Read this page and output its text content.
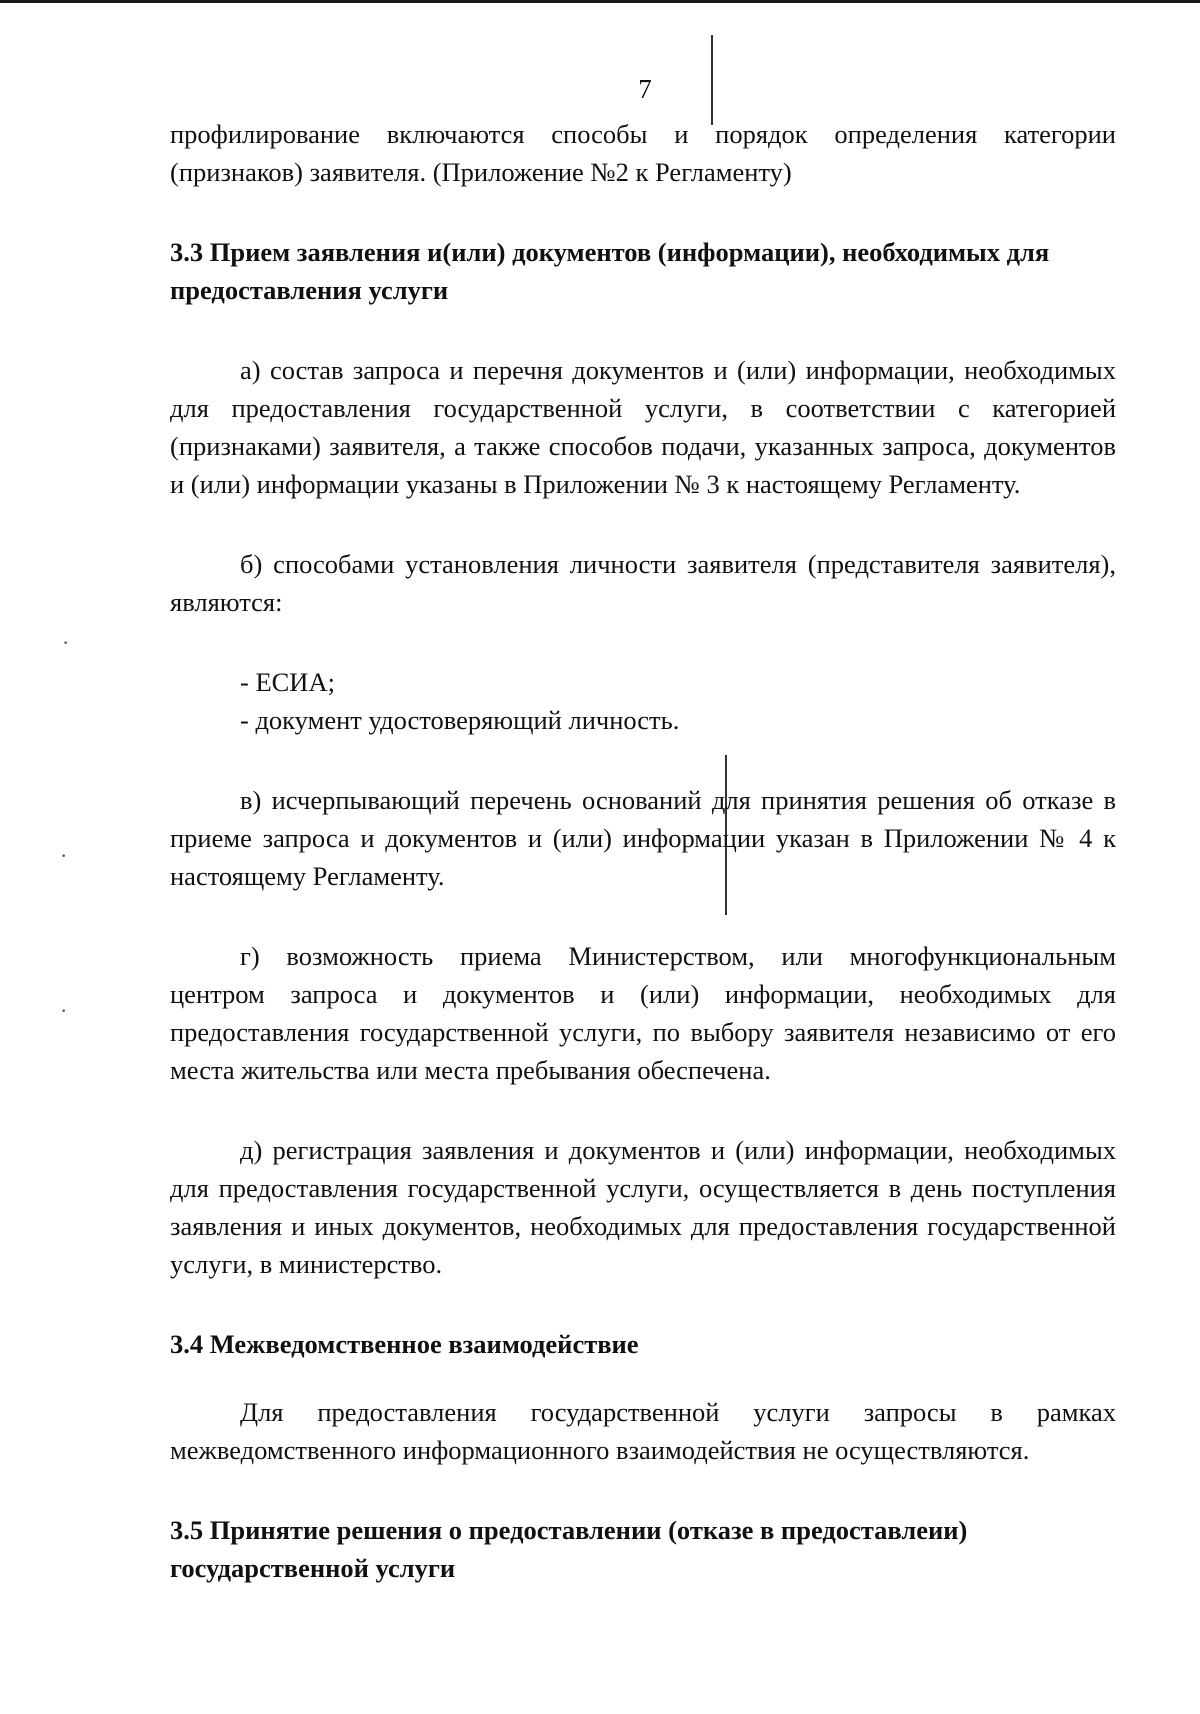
·
·
·
7

профилирование включаются способы и порядок определения категории (признаков) заявителя. (Приложение №2 к Регламенту)

3.3 Прием заявления и(или) документов (информации), необходимых для

предоставления услуги

а) состав запроса и перечня документов и (или) информации, необходимых для предоставления государственной услуги, в соответствии с категорией (признаками) заявителя, а также способов подачи, указанных запроса, документов и (или) информации указаны в Приложении № 3 к настоящему Регламенту.

б) способами установления личности заявителя (представителя заявителя), являются:

- ЕСИА;

- документ удостоверяющий личность.

в) исчерпывающий перечень оснований для принятия решения об отказе в приеме запроса и документов и (или) информации указан в Приложении № 4 к настоящему Регламенту.

г) возможность приема Министерством, или многофункциональным центром запроса и документов и (или) информации, необходимых для предоставления государственной услуги, по выбору заявителя независимо от его места жительства или места пребывания обеспечена.

д) регистрация заявления и документов и (или) информации, необходимых для предоставления государственной услуги, осуществляется в день поступления заявления и иных документов, необходимых для предоставления государственной услуги, в министерство.

3.4 Межведомственное взаимодействие

Для предоставления государственной услуги запросы в рамках межведомственного информационного взаимодействия не осуществляются.

3.5 Принятие решения о предоставлении (отказе в предоставлеии)

государственной услуги
